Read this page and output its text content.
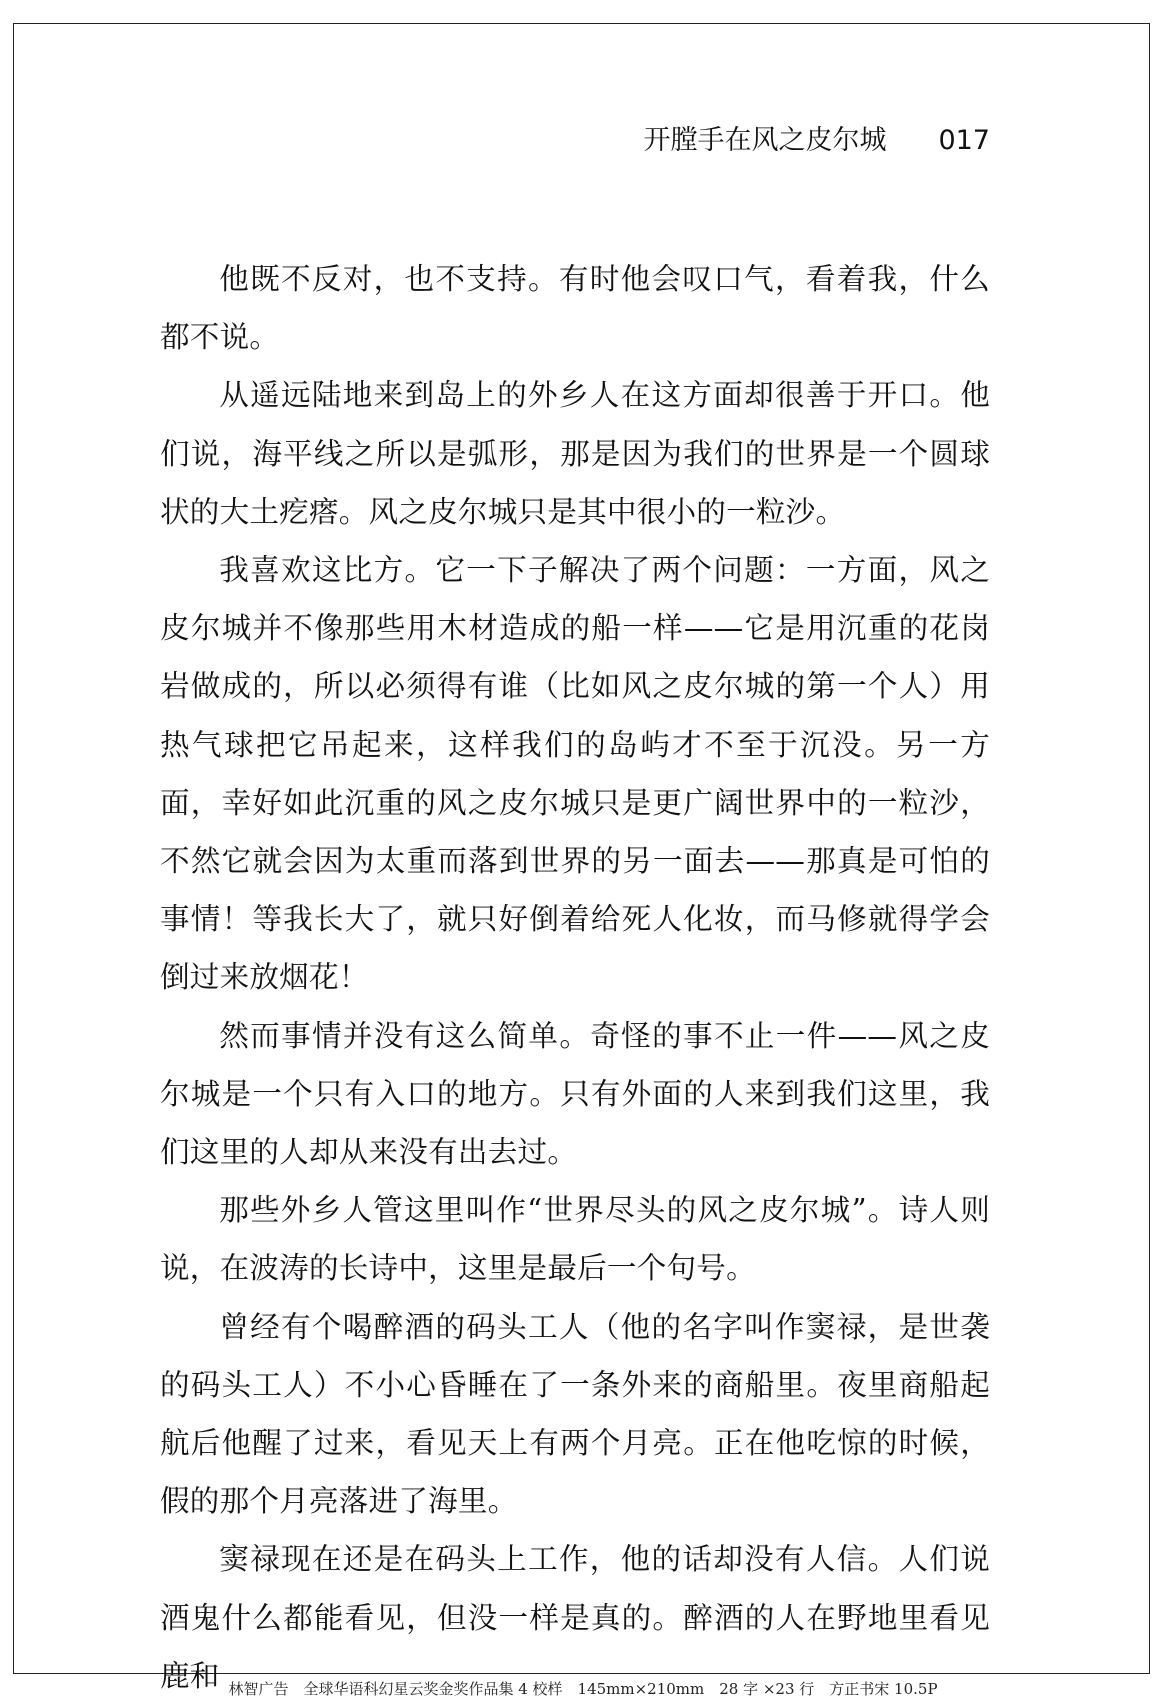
开膛手在风之皮尔城 017

他既不反对，也不支持。有时他会叹口气，看着我，什么都不说。

从遥远陆地来到岛上的外乡人在这方面却很善于开口。他们说，海平线之所以是弧形，那是因为我们的世界是一个圆球状的大土疙瘩。风之皮尔城只是其中很小的一粒沙。

我喜欢这比方。它一下子解决了两个问题：一方面，风之皮尔城并不像那些用木材造成的船一样——它是用沉重的花岗岩做成的，所以必须得有谁（比如风之皮尔城的第一个人）用热气球把它吊起来，这样我们的岛屿才不至于沉没。另一方面，幸好如此沉重的风之皮尔城只是更广阔世界中的一粒沙，不然它就会因为太重而落到世界的另一面去——那真是可怕的事情！等我长大了，就只好倒着给死人化妆，而马修就得学会倒过来放烟花！

然而事情并没有这么简单。奇怪的事不止一件——风之皮尔城是一个只有入口的地方。只有外面的人来到我们这里，我们这里的人却从来没有出去过。

那些外乡人管这里叫作“世界尽头的风之皮尔城”。诗人则说，在波涛的长诗中，这里是最后一个句号。

曾经有个喝醉酒的码头工人（他的名字叫作窦禄，是世袭的码头工人）不小心昏睡在了一条外来的商船里。夜里商船起航后他醒了过来，看见天上有两个月亮。正在他吃惊的时候，假的那个月亮落进了海里。

窦禄现在还是在码头上工作，他的话却没有人信。人们说酒鬼什么都能看见，但没一样是真的。醉酒的人在野地里看见鹿和 林智广告　全球华语科幻星云奖金奖作品集 4 校样　145mm×210mm　28 字 ×23 行　方正书宋 10.5P
